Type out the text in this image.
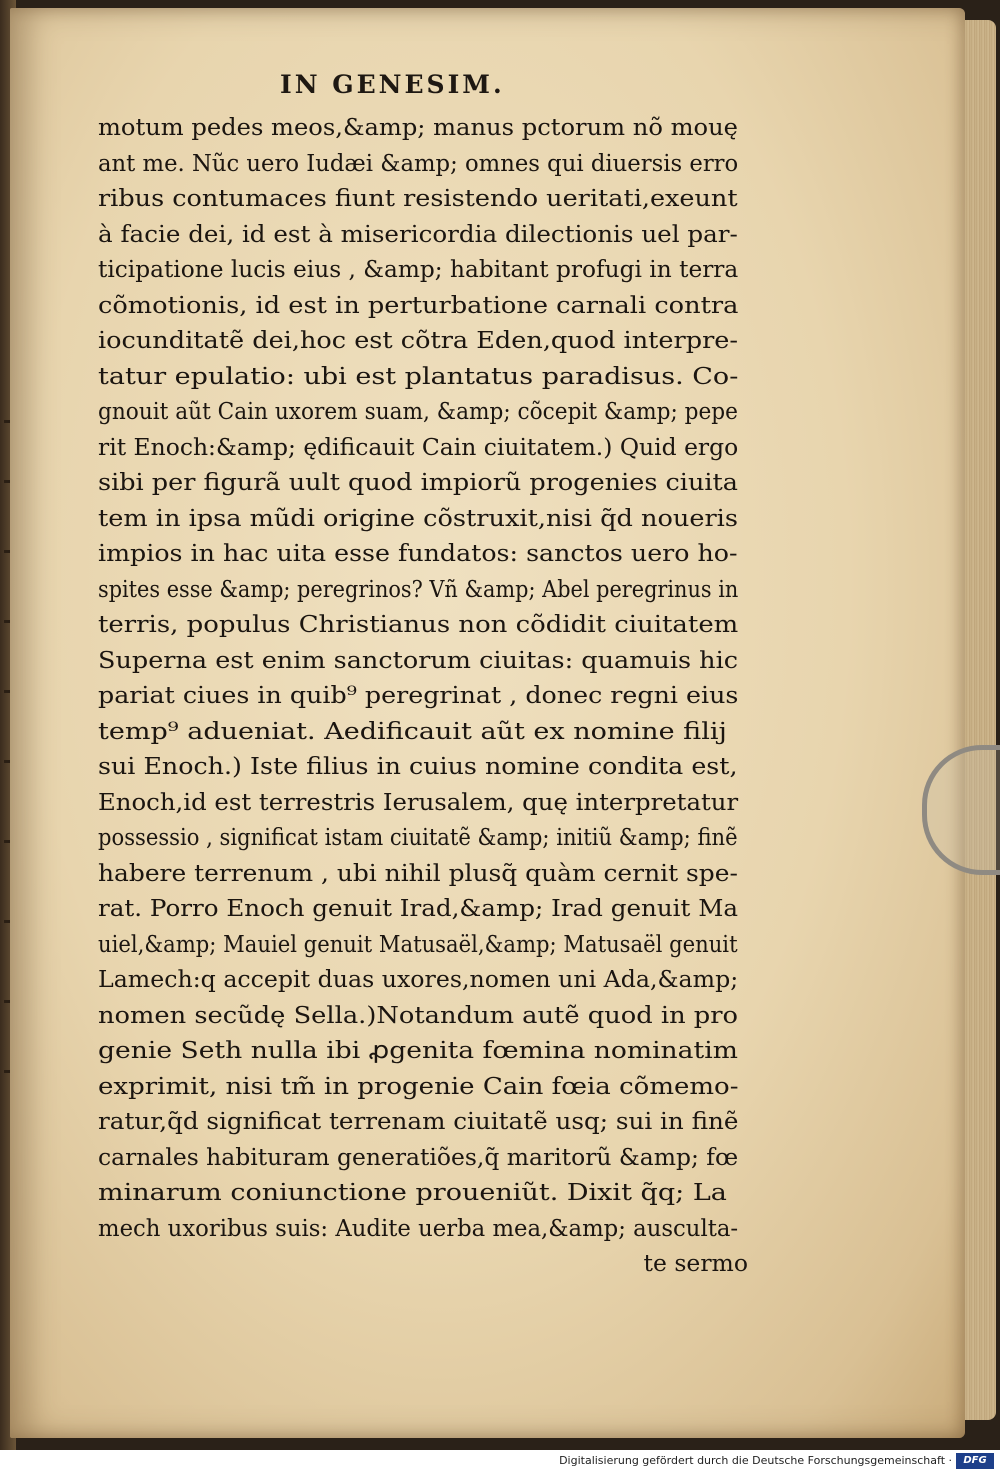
IN GENESIM.
motum pedes meos,&amp; manus pctorum nõ mouę
ant me. Nũc uero Iudæi &amp; omnes qui diuersis erro
ribus contumaces fiunt resistendo ueritati,exeunt
à facie dei, id est à misericordia dilectionis uel par-
ticipatione lucis eius , &amp; habitant profugi in terra
cõmotionis, id est in perturbatione carnali contra
iocunditatẽ dei,hoc est cõtra Eden,quod interpre-
tatur epulatio: ubi est plantatus paradisus. Co-
gnouit aũt Cain uxorem suam, &amp; cõcepit &amp; pepe
rit Enoch:&amp; ędificauit Cain ciuitatem.) Quid ergo
sibi per figurã uult quod impiorũ progenies ciuita
tem in ipsa mũdi origine cõstruxit,nisi q̃d noueris
impios in hac uita esse fundatos: sanctos uero ho-
spites esse &amp; peregrinos? Vñ &amp; Abel peregrinus in
terris, populus Christianus non cõdidit ciuitatem
Superna est enim sanctorum ciuitas: quamuis hic
pariat ciues in quib⁹ peregrinat , donec regni eius
temp⁹ adueniat. Aedificauit aũt ex nomine filij
sui Enoch.) Iste filius in cuius nomine condita est,
Enoch,id est terrestris Ierusalem, quę interpretatur
possessio , significat istam ciuitatẽ &amp; initiũ &amp; finẽ
habere terrenum , ubi nihil plusq̃ quàm cernit spe-
rat. Porro Enoch genuit Irad,&amp; Irad genuit Ma
uiel,&amp; Mauiel genuit Matusaël,&amp; Matusaël genuit
Lamech:q accepit duas uxores,nomen uni Ada,&amp;
nomen secũdę Sella.)Notandum autẽ quod in pro
genie Seth nulla ibi ꝓgenita fœmina nominatim
exprimit, nisi tm̃ in progenie Cain fœia cõmemo-
ratur,q̃d significat terrenam ciuitatẽ usq; sui in finẽ
carnales habituram generatiões,q̃ maritorũ &amp; fœ
minarum coniunctione proueniũt. Dixit q̃q; La
mech uxoribus suis: Audite uerba mea,&amp; ausculta-
te sermo
Digitalisierung gefördert durch die Deutsche Forschungsgemeinschaft ·	DFG
